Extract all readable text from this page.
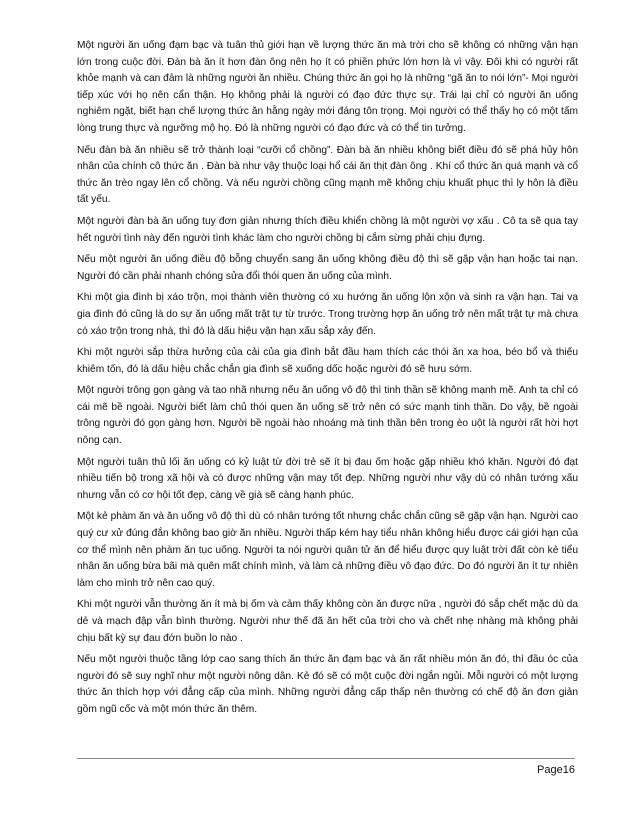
Một người ăn uống đạm bạc và tuân thủ giới hạn về lượng thức ăn mà trời cho sẽ không có những vận hạn lớn trong cuộc đời. Đàn bà ăn ít hơn đàn ông nên họ ít có phiền phức lớn hơn là vì vậy. Đôi khi có người rất khỏe mạnh và can đảm là những người ăn nhiều. Chúng thức ăn gọi họ là những “gã ăn to nói lớn”- Mọi người tiếp xúc với họ nên cẩn thận. Họ không phải là người có đạo đức thực sự. Trái lại chỉ có người ăn uống nghiêm ngặt, biết hạn chế lượng thức ăn hằng ngày mới đáng tôn trọng. Mọi người có thể thấy họ có một tấm lòng trung thực và ngưỡng mộ họ. Đó là những người có đạo đức và có thể tin tưởng.

Nếu đàn bà ăn nhiều sẽ trở thành loại “cưỡi cổ chồng”. Đàn bà ăn nhiều không biết điều đó sẽ phá hủy hôn nhân của chính cô thức ăn . Đàn bà như vậy thuộc loại hổ cái ăn thịt đàn ông . Khí cổ thức ăn quá mạnh và cổ thức ăn trèo ngay lên cổ chồng. Và nếu người chồng cũng mạnh mẽ không chịu khuất phục thì ly hôn là điều tất yếu.

Một người đàn bà ăn uống tuy đơn giản nhưng thích điều khiển chồng là một người vợ xấu . Cô ta sẽ qua tay hết người tình này đến người tình khác làm cho người chồng bị cắm sừng phải chịu đựng.

Nếu một người ăn uống điều độ bỗng chuyển sang ăn uống không điều độ thì sẽ gặp vận hạn hoặc tai nạn. Người đó cần phải nhanh chóng sửa đổi thói quen ăn uống của mình.

Khi một gia đình bị xáo trộn, mọi thành viên thường có xu hướng ăn uống lộn xộn và sinh ra vận hạn. Tai vạ gia đình đó cũng là do sự ăn uống mất trật tự từ trước. Trong trường hợp ăn uống trở nên mất trật tự mà chưa có xáo trộn trong nhà, thì đó là dấu hiệu vận hạn xấu sắp xảy đến.

Khi một người sắp thừa hưởng của cải của gia đình bắt đầu ham thích các thói ăn xa hoa, béo bổ và thiếu khiêm tốn, đó là dấu hiệu chắc chắn gia đình sẽ xuống dốc hoặc người đó sẽ hưu sớm.

Một người trông gọn gàng và tao nhã nhưng nếu ăn uống vô độ thì tinh thần sẽ không mạnh mẽ. Anh ta chỉ có cái mẽ bề ngoài. Người biết làm chủ thói quen ăn uống sẽ trở nên có sức mạnh tinh thần. Do vậy, bề ngoài trông người đó gọn gàng hơn. Người bề ngoài hào nhoáng mà tinh thần bên trong èo uột là người rất hời hợt nông cạn.

Một người tuân thủ lối ăn uống có kỷ luật từ đời trẻ sẽ ít bị đau ốm hoặc gặp nhiều khó khăn. Người đó đạt nhiều tiến bộ trong xã hội và có được những vận may tốt đẹp. Những người như vậy dù có nhân tướng xấu nhưng vẫn có cơ hội tốt đẹp, càng về già sẽ càng hạnh phúc.

Một kẻ phàm ăn và ăn uống vô độ thì dù có nhân tướng tốt nhưng chắc chắn cũng sẽ gặp vận hạn. Người cao quý cư xử đúng đắn không bao giờ ăn nhiều. Người thấp kém hay tiểu nhân không hiểu được cái giới hạn của cơ thể mình nên phàm ăn tục uống. Người ta nói người quân tử ăn để hiểu được quy luật trời đất còn kẻ tiểu nhân ăn uống bừa bãi mà quên mất chính mình, và làm cả những điều vô đạo đức. Do đó người ăn ít tự nhiên làm cho mình trở nên cao quý.

Khi một người vẫn thường ăn ít mà bị ốm và cảm thấy không còn ăn được nữa , người đó sắp chết mặc dù da dẻ và mạch đập vẫn bình thường. Người như thế đã ăn hết của trời cho và chết nhẹ nhàng mà không phải chịu bất kỳ sự đau đớn buồn lo nào .

Nếu một người thuộc tầng lớp cao sang thích ăn thức ăn đạm bạc và ăn rất nhiều món ăn đó, thì đầu óc của người đó sẽ suy nghĩ như một người nông dân. Kẻ đó sẽ có một cuộc đời ngắn ngủi. Mỗi người có một lượng thức ăn thích hợp với đẳng cấp của mình. Những người đẳng cấp thấp nên thường có chế độ ăn đơn giản gồm ngũ cốc và một món thức ăn thêm.

Page16
